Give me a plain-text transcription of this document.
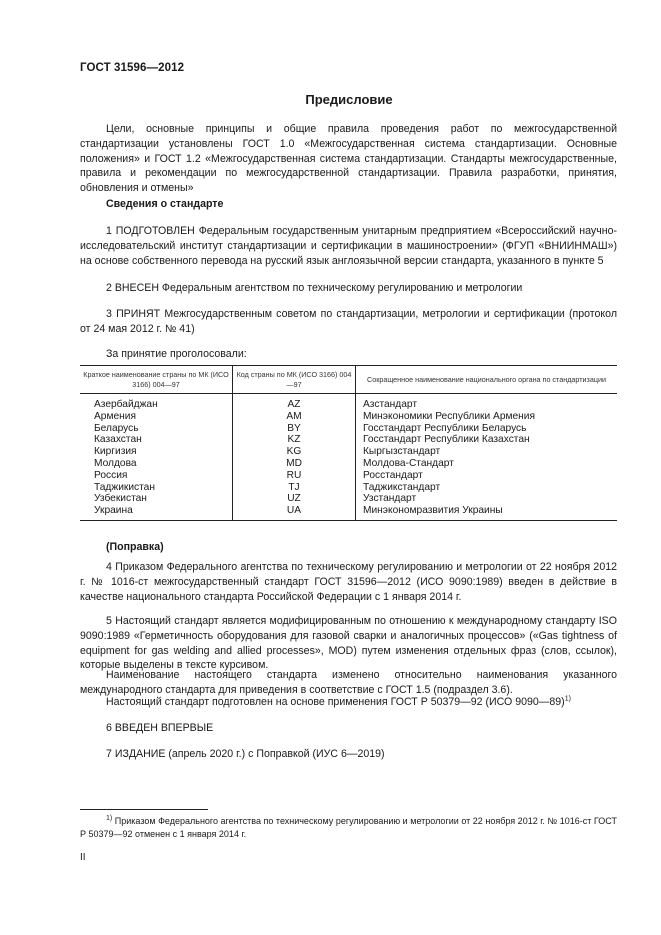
ГОСТ 31596—2012
Предисловие
Цели, основные принципы и общие правила проведения работ по межгосударственной стандартизации установлены ГОСТ 1.0 «Межгосударственная система стандартизации. Основные положения» и ГОСТ 1.2 «Межгосударственная система стандартизации. Стандарты межгосударственные, правила и рекомендации по межгосударственной стандартизации. Правила разработки, принятия, обновления и отмены»
Сведения о стандарте
1 ПОДГОТОВЛЕН Федеральным государственным унитарным предприятием «Всероссийский научно-исследовательский институт стандартизации и сертификации в машиностроении» (ФГУП «ВНИИНМАШ») на основе собственного перевода на русский язык англоязычной версии стандарта, указанного в пункте 5
2 ВНЕСЕН Федеральным агентством по техническому регулированию и метрологии
3 ПРИНЯТ Межгосударственным советом по стандартизации, метрологии и сертификации (протокол от 24 мая 2012 г. № 41)
За принятие проголосовали:
Краткое наименование страны по МК (ИСО 3166) 004—97	Код страны по МК (ИСО 3166) 004—97	Сокращенное наименование национального органа по стандартизации
Азербайджан	AZ	Азстандарт
Армения	AM	Минэкономики Республики Армения
Беларусь	BY	Госстандарт Республики Беларусь
Казахстан	KZ	Госстандарт Республики Казахстан
Киргизия	KG	Кыргызстандарт
Молдова	MD	Молдова-Стандарт
Россия	RU	Росстандарт
Таджикистан	TJ	Таджикстандарт
Узбекистан	UZ	Узстандарт
Украина	UA	Минэкономразвития Украины
(Поправка)
4 Приказом Федерального агентства по техническому регулированию и метрологии от 22 ноября 2012 г. № 1016-ст межгосударственный стандарт ГОСТ 31596—2012 (ИСО 9090:1989) введен в действие в качестве национального стандарта Российской Федерации с 1 января 2014 г.
5 Настоящий стандарт является модифицированным по отношению к международному стандарту ISO 9090:1989 «Герметичность оборудования для газовой сварки и аналогичных процессов» («Gas tightness of equipment for gas welding and allied processes», MOD) путем изменения отдельных фраз (слов, ссылок), которые выделены в тексте курсивом.
Наименование настоящего стандарта изменено относительно наименования указанного международного стандарта для приведения в соответствие с ГОСТ 1.5 (подраздел 3.6).
Настоящий стандарт подготовлен на основе применения ГОСТ Р 50379—92 (ИСО 9090—89)$^{1)}$
6 ВВЕДЕН ВПЕРВЫЕ
7 ИЗДАНИЕ (апрель 2020 г.) с Поправкой (ИУС 6—2019)
$^{1)}$ Приказом Федерального агентства по техническому регулированию и метрологии от 22 ноября 2012 г. № 1016-ст ГОСТ Р 50379—92 отменен с 1 января 2014 г.
II
